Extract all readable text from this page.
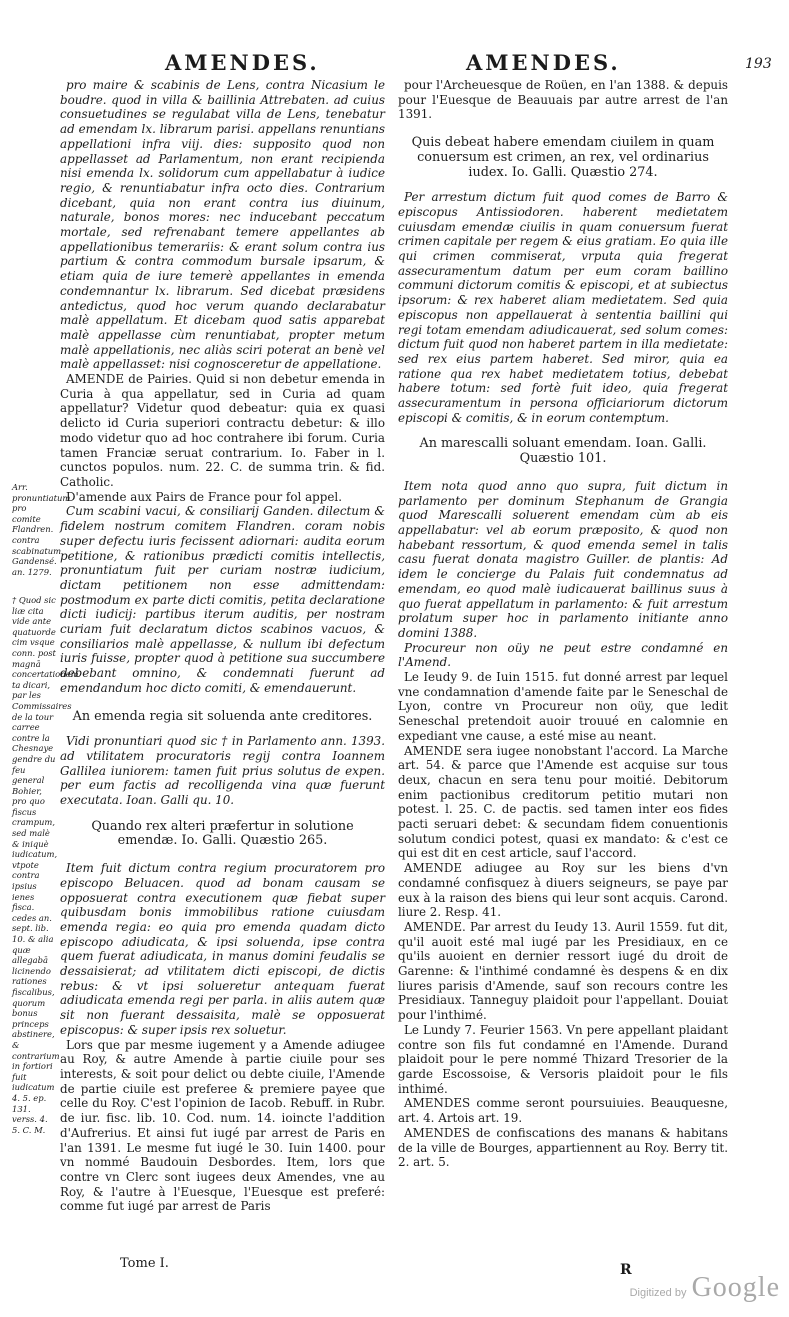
AMENDES.	AMENDES.	193

pro maire & scabinis de Lens, contra Nicasium le boudre. quod in villa & baillinia Attrebaten. ad cuius consuetudines se regulabat villa de Lens, tenebatur ad emendam lx. librarum parisi. appellans renuntians appellationi infra viij. dies: supposito quod non appellasset ad Parlamentum, non erant recipienda nisi emenda lx. solidorum cum appellabatur à iudice regio, & renuntiabatur infra octo dies. Contrarium dicebant, quia non erant contra ius diuinum, naturale, bonos mores: nec inducebant peccatum mortale, sed refrenabant temere appellantes ab appellationibus temerariis: & erant solum contra ius partium & contra commodum bursale ipsarum, & etiam quia de iure temerè appellantes in emenda condemnantur lx. librarum. Sed dicebat præsidens antedictus, quod hoc verum quando declarabatur malè appellatum. Et dicebam quod satis apparebat malè appellasse cùm renuntiabat, propter metum malè appellationis, nec aliàs sciri poterat an benè vel malè appellasset: nisi cognosceretur de appellatione.

AMENDE de Pairies. Quid si non debetur emenda in Curia à qua appellatur, sed in Curia ad quam appellatur? Videtur quod debeatur: quia ex quasi delicto id Curia superiori contractu debetur: & illo modo videtur quo ad hoc contrahere ibi forum. Curia tamen Franciæ seruat contrarium. Io. Faber in l. cunctos populos. num. 22. C. de summa trin. & fid. Catholic.

D'amende aux Pairs de France pour fol appel.

Cum scabini vacui, & consiliarij Ganden. dilectum & fidelem nostrum comitem Flandren. coram nobis super defectu iuris fecissent adiornari: audita eorum petitione, & rationibus prædicti comitis intellectis, pronuntiatum fuit per curiam nostræ iudicium, dictam petitionem non esse admittendam: postmodum ex parte dicti comitis, petita declaratione dicti iudicij: partibus iterum auditis, per nostram curiam fuit declaratum dictos scabinos vacuos, & consiliarios malè appellasse, & nullum ibi defectum iuris fuisse, propter quod à petitione sua succumbere debebant omnino, & condemnati fuerunt ad emendandum hoc dicto comiti, & emendauerunt.

An emenda regia sit soluenda ante creditores.

Vidi pronuntiari quod sic † in Parlamento ann. 1393. ad vtilitatem procuratoris regij contra Ioannem Gallilea iuniorem: tamen fuit prius solutus de expen. per eum factis ad recolligenda vina quæ fuerunt executata. Ioan. Galli qu. 10.

Quando rex alteri præfertur in solutione emendæ. Io. Galli. Quæstio 265.

Item fuit dictum contra regium procuratorem pro episcopo Beluacen. quod ad bonam causam se opposuerat contra executionem quæ fiebat super quibusdam bonis immobilibus ratione cuiusdam emenda regia: eo quia pro emenda quadam dicto episcopo adiudicata, & ipsi soluenda, ipse contra quem fuerat adiudicata, in manus domini feudalis se dessaisierat; ad vtilitatem dicti episcopi, de dictis rebus: & vt ipsi solueretur antequam fuerat adiudicata emenda regi per parla. in aliis autem quæ sit non fuerant dessaisita, malè se opposuerat episcopus: & super ipsis rex soluetur.

Lors que par mesme iugement y a Amende adiugee au Roy, & autre Amende à partie ciuile pour ses interests, & soit pour delict ou debte ciuile, l'Amende de partie ciuile est preferee & premiere payee que celle du Roy. C'est l'opinion de Iacob. Rebuff. in Rubr. de iur. fisc. lib. 10. Cod. num. 14. ioincte l'addition d'Aufrerius. Et ainsi fut iugé par arrest de Paris en l'an 1391. Le mesme fut iugé le 30. Iuin 1400. pour vn nommé Baudouin Desbordes. Item, lors que contre vn Clerc sont iugees deux Amendes, vne au Roy, & l'autre à l'Euesque, l'Euesque est preferé: comme fut iugé par arrest de Paris

pour l'Archeuesque de Roüen, en l'an 1388. & depuis pour l'Euesque de Beauuais par autre arrest de l'an 1391.

Quis debeat habere emendam ciuilem in quam conuersum est crimen, an rex, vel ordinarius iudex. Io. Galli. Quæstio 274.

Per arrestum dictum fuit quod comes de Barro & episcopus Antissiodoren. haberent medietatem cuiusdam emendæ ciuilis in quam conuersum fuerat crimen capitale per regem & eius gratiam. Eo quia ille qui crimen commiserat, vrputa quia fregerat assecuramentum datum per eum coram baillino communi dictorum comitis & episcopi, et at subiectus ipsorum: & rex haberet aliam medietatem. Sed quia episcopus non appellauerat à sententia baillini qui regi totam emendam adiudicauerat, sed solum comes: dictum fuit quod non haberet partem in illa medietate: sed rex eius partem haberet. Sed miror, quia ea ratione qua rex habet medietatem totius, debebat habere totum: sed fortè fuit ideo, quia fregerat assecuramentum in persona officiariorum dictorum episcopi & comitis, & in eorum contemptum.

An marescalli soluant emendam. Ioan. Galli. Quæstio 101.

Item nota quod anno quo supra, fuit dictum in parlamento per dominum Stephanum de Grangia quod Marescalli soluerent emendam cùm ab eis appellabatur: vel ab eorum præposito, & quod non habebant ressortum, & quod emenda semel in talis casu fuerat donata magistro Guiller. de plantis: Ad idem le concierge du Palais fuit condemnatus ad emendam, eo quod malè iudicauerat baillinus suus à quo fuerat appellatum in parlamento: & fuit arrestum prolatum super hoc in parlamento initiante anno domini 1388.

Procureur non oüy ne peut estre condamné en l'Amend.

Le Ieudy 9. de Iuin 1515. fut donné arrest par lequel vne condamnation d'amende faite par le Seneschal de Lyon, contre vn Procureur non oüy, que ledit Seneschal pretendoit auoir trouué en calomnie en expediant vne cause, a esté mise au neant.

AMENDE sera iugee nonobstant l'accord. La Marche art. 54. & parce que l'Amende est acquise sur tous deux, chacun en sera tenu pour moitié. Debitorum enim pactionibus creditorum petitio mutari non potest. l. 25. C. de pactis. sed tamen inter eos fides pacti seruari debet: & secundam fidem conuentionis solutum condici potest, quasi ex mandato: & c'est ce qui est dit en cest article, sauf l'accord.

AMENDE adiugee au Roy sur les biens d'vn condamné confisquez à diuers seigneurs, se paye par eux à la raison des biens qui leur sont acquis. Carond. liure 2. Resp. 41.

AMENDE. Par arrest du Ieudy 13. Auril 1559. fut dit, qu'il auoit esté mal iugé par les Presidiaux, en ce qu'ils auoient en dernier ressort iugé du droit de Garenne: & l'inthimé condamné ès despens & en dix liures parisis d'Amende, sauf son recours contre les Presidiaux. Tanneguy plaidoit pour l'appellant. Douiat pour l'inthimé.

Le Lundy 7. Feurier 1563. Vn pere appellant plaidant contre son fils fut condamné en l'Amende. Durand plaidoit pour le pere nommé Thizard Tresorier de la garde Escossoise, & Versoris plaidoit pour le fils inthimé.

AMENDES comme seront poursuiuies. Beauquesne, art. 4. Artois art. 19.

AMENDES de confiscations des manans & habitans de la ville de Bourges, appartiennent au Roy. Berry tit. 2. art. 5.

Arr. pronuntiatum pro comite Flandren. contra scabinatum Gandensé. an. 1279.
† Quod sic liæ cita vide ante quatuorde cim vsque conn. post magnā concertationem ta dicari, par les Commissaires de la tour carree contre la Chesnaye gendre du feu general Bohier, pro quo fiscus crampum, sed malè & iniquè iudicatum, vtpote contra ipsius ienes fisca. cedes an. sept. lib. 10. & alia quæ allegabā licinendo rationes fiscalibus, quorum bonus princeps abstinere, & contrarium in fortiori fuit iudicatum 4. 5. ep. 131. verss. 4. 5. C. M.
Tome I.	R
Digitized by Google
